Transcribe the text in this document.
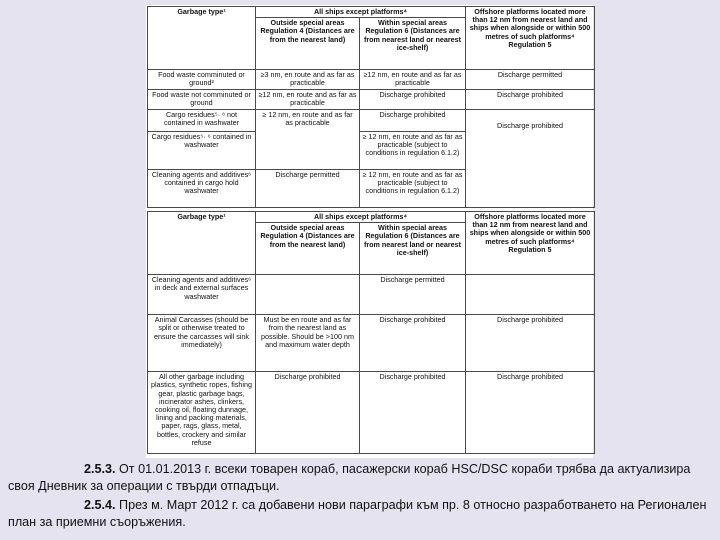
Garbage type¹	All ships except platforms⁴		Offshore platforms located more than 12 nm from nearest land and ships when alongside or within 500 metres of such platforms⁴ Regulation 5
	Outside special areas Regulation 4 (Distances are from the nearest land)	Within special areas Regulation 6 (Distances are from nearest land or nearest ice-shelf)	
Food waste comminuted or ground²	≥3 nm, en route and as far as practicable	≥12 nm, en route and as far as practicable	Discharge permitted
Food waste not comminuted or ground	≥12 nm, en route and as far as practicable	Discharge prohibited	Discharge prohibited
Cargo residues⁵· ⁶ not contained in washwater	≥ 12 nm, en route and as far as practicable	Discharge prohibited	Discharge prohibited
Cargo residues⁵· ⁶ contained in washwater		≥ 12 nm, en route and as far as practicable (subject to conditions in regulation 6.1.2)	
Cleaning agents and additives⁶ contained in cargo hold washwater	Discharge permitted	≥ 12 nm, en route and as far as practicable (subject to conditions in regulation 6.1.2)	
Garbage type¹	All ships except platforms⁴		Offshore platforms located more than 12 nm from nearest land and ships when alongside or within 500 metres of such platforms⁴ Regulation 5
	Outside special areas Regulation 4 (Distances are from the nearest land)	Within special areas Regulation 6 (Distances are from nearest land or nearest ice-shelf)	
Cleaning agents and additives⁶ in deck and external surfaces washwater		Discharge permitted	
Animal Carcasses (should be split or otherwise treated to ensure the carcasses will sink immediately)	Must be en route and as far from the nearest land as possible. Should be >100 nm and maximum water depth	Discharge prohibited	Discharge prohibited
All other garbage including plastics, synthetic ropes, fishing gear, plastic garbage bags, incinerator ashes, clinkers, cooking oil, floating dunnage, lining and packing materials, paper, rags, glass, metal, bottles, crockery and similar refuse	Discharge prohibited	Discharge prohibited	Discharge prohibited
2.5.3. От 01.01.2013 г. всеки товарен кораб, пасажерски кораб HSC/DSC кораби трябва да актуализира своя Дневник за операции с твърди отпадъци.
2.5.4. През м. Март 2012 г. са добавени нови параграфи към пр. 8 относно разработването на Регионален план за приемни съоръжения.
